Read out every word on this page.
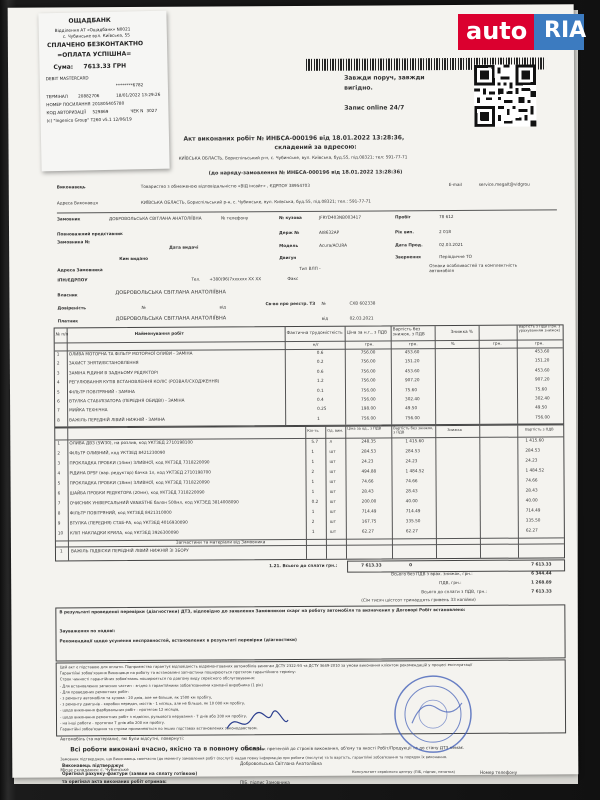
Завжди поруч, завжди
вигідно.
Запис online 24/7
Акт виконаних робіт № ИНБСА-000196 від 18.01.2022 13:28:36,
складений за вдресою:
КИЇВСЬКА ОБЛАСТЬ, Бориспільський р-н, с. Чубинське, вул. Київська, буд.55, під.08321; тел: 591-77-71
(до наряду-замовлення № ИНБСА-000196 від 18.01.2022 13:28:36)
Виконавець	Товариство з обмеженою відповідальністю «ВІД інсайт» , ЄДРПОУ 38954703	E-mail	service.megalt@vidgrou
Адреса Виконавця	КИЇВСЬКА ОБЛАСТЬ, Бориспільський р-н, с. Чубинське, вул. Київська, буд.55, під.08321; тел.: 591-77-71
Замовник	ДОБРОВОЛЬСЬКА СВІТЛАНА АНАТОЛІЇВНА	№ телефону	№ кузова	JFRYD403NB003417	Пробіг	78 612
Повноважний представник	Держ №	AI8632AP	Рік вип.	2 018
Замовника №
Дата видачі	Модель	Acura/ACURA	Дата Прод.	02.03.2021
Ким видано	Двигун	Звернення	Періодичне ТО
Тип ВЛП -
Ознаки особливостей та комплектність автомобіля
Адреса Замовника
ІПН/ЄДРПОУ	Тел. +380(96)7xxxxxx XX XX	Факс
Власник	ДОБРОВОЛЬСЬКА СВІТЛАНА АНАТОЛІЇВНА
Довіреність	№	від
Св-во про реєстр. ТЗ №	СХВ 602338
Платник	ДОБРОВОЛЬСЬКА СВІТЛАНА АНАТОЛІЇВНА	від	02.03.2021
№ п/п	Найменування робіт	Фактична трудомісткість Ціна за н.г., з ПДВ
Вартість без знижок, з ПДВ	Знижка %
Вартість з ПДВ (грн. з урахуванням знижок)
н/г	грн.	грн.	%	грн.	грн.
1 ОЛИВА МОТОРНА ТА ФІЛЬТР МОТОРНОЇ ОЛИВИ - ЗАМІНА	0.6	756.00	453.60	453.60
2 ЗАХИСТ ЗНЯТИ/ВСТАНОВЛЕННЯ	0.2	756.00	151.20	151.20
3 ЗАМІНА РІДИНИ В ЗАДНЬОМУ РЕДУКТОРІ	0.6	756.00	453.60	453.60
4 РЕГУЛЮВАННЯ КУТІВ ВСТАНОВЛЕННЯ КОЛІС (РОЗВАЛ/СХОДЖЕННЯ)	1.2	756.00	907.20	907.20
5 ФІЛЬТР ПОВІТРЯНИЙ - ЗАМІНА	0.1	756.00	75.60	75.60
6 ВТУЛКА СТАБІЛІЗАТОРА (ПЕРЕДНЯ ОБИДВІ) - ЗАМІНА	0.4	756.00	302.40	302.40
7 МИЙКА ТЕХНІЧНА	0.25	198.00	49.50	49.50
8 ВАЖІЛЬ ПЕРЕДНІЙ ЛІВИЙ НИЖНІЙ - ЗАМІНА	1	756.00	756.00	756.00
Кіл-ть Од. вим.
Ціна за од., з ПДВ	Вартість без знижок, з ПДВ
Знижка	Вартість з ПДВ
1 ОЛИВА ДВЗ (5W30), на розлив, код УКТЗЕД 2710198100	5.7	л	248.35	1 415.60	1 415.60
2 ФІЛЬТР ОЛИВНИЙ, код УКТЗЕД 8421230090	1	шт	284.53	284.53	284.53
3 ПРОКЛАДКА ПРОБКИ (14мм) ЗЛИВНОЇ, код УКТЗЕД 7318220090	1	шт	24.23	24.23	24.23
4 РІДИНА DPSF (вар. редуктор) бачка 1л, код УКТЗЕД 2710198700	2	шт	494.88	1 484.52	1 484.52
5 ПРОКЛАДКА ПРОБКИ (18мм) ЗЛИВНОЇ, код УКТЗЕД 7318220090	1	шт	74.66	74.66	74.66
6 ШАЙБА ПРОБКИ РЕДУКТОРА (20мм), код УКТЗЕД 7318220090	1	шт	28.43	28.43	28.43
7 ОЧИСНИК УНІВЕРСАЛЬНИЙ VANASTHE балон 500мл, код УКТЗЕД 3814008090	0.2	шт	200.00	40.00	40.00
8 ФІЛЬТР ПОВІТРЯНИЙ, код УКТЗЕД 8421310000	1	шт	714.49	714.49	714.49
9 ВТУЛКА (ПЕРЕДНЯ) СТАБ-РА, код УКТЗЕД 4016930090	2	шт	167.75	335.50	335.50
10 КЛІП НАКЛАДКИ КРИЛА, код УКТЗЕД 3926300090	1	шт	62.27	62.27	62.27
Запчастини та матеріали від Замовника
1 ВАЖІЛЬ ПІДВІСКИ ПЕРЕДНІЙ ЛІВИЙ НИЖНІЙ ЗІ ЗБОРУ
1.21. Всього до сплати грн.:	7 613.33	0	7 613.33
Всього без ПДВ з врах. знижок, грн.:	6 344.44
ПДВ, грн.:	1 268.89
Всього до сплати з ПДВ, грн.:	7 613.33
(Сім тисяч шістсот тринадцять гривень 33 копійки)
В результаті проведеної перевірки (діагностики) ДТЗ, відповідно до заявлення Замовником скарг на роботу автомобіля та визначених у Договорі Робіт встановлено:
Зауваження по ходові:
Рекомендації щодо усунення несправностей, встановлених в результаті перевірки (діагностики)
Цей акт є підставою для оплати. Підприємство гарантує відповідність відремонтованих автомобілів вимогам ДСТУ 2322-93 та ДСТУ 3649-2010 за умови виконання клієнтом рекомендацій у процесі експлуатації
Гарантійні зобов'язання Виконавця на роботу та встановлені запчастини поширюються протягом гарантійного терміну:
Строк чинності гарантійних зобов'язань поширюється по довгому виду сервісного обслуговування:
- Для встановлених запасних частин - згідно з гарантійними зобов'язаннями компанії виробника (1 рік)
- Для проведених ремонтних робіт:
- з ремонту автомобіля та кузова - 20 днів, але не більше, як 1500 км пробігу,
- з ремонту двигунів - коробки передач, мостів - 1 місяць, але не більше, як 10 000 км пробігу,
- щодо виконання фарбувальних робіт - протягом 12 місяців,
- щодо виконання ремонтних робіт з підвіски, рульового керування - 7 днів або 200 км пробігу,
- на інші роботи - протягом 7 днів або 200 км пробігу.
Гарантійні зобов'язання та строки припиняються по інших підставах встановлених законодавством.
Автомобіль (та матеріали), які були відсутні, повернуті:
Всі роботи виконані вчасно, якісно та в повному обсязі.
Замовник претензій до строків виконання, об'єму та якості Робіт/Продукції та до стану ДТЗ немає.
Замовник підтверджує, що Виконавець своєчасно (до моменту замовлення робіт (послуг)) надав повну інформацію про роботи (послуги) та їх вартість, гарантійні зобов'язання та порядок їх виконання.
Місце складання: с. Чубинське
Виконавець підтверджує
Оригінал рахунку-фактури (заявки на сплату готівкою)
та оригінал акта виконаних робіт отримав:
Добровольська Світлана Анатоліївна
ПІБ, підпис Замовника
Консультант сервісного центру (ПІБ, підпис, печатка)	Номер телефону
ОЩАДБАНК
Відділення АТ «Ощадбанк» N0021
с. Чубинське вул. Київська, 55
СПЛАЧЕНО БЕЗКОНТАКТНО
=ОПЛАТА УСПІШНА=
Сума: 7613.33 ГРН
DEBIT MASTERCARD
********6782
ТЕРМІНАЛ 20882706	18/01/2022 13:29:26
НОМЕР ПОСИЛАННЯ 201805405780
КОД АВТОРИЗАЦІЇ 529869	ЧЕК N 3027
(с) "Ingenico Group" T260 v5.1 12/06/19
auto RIA
